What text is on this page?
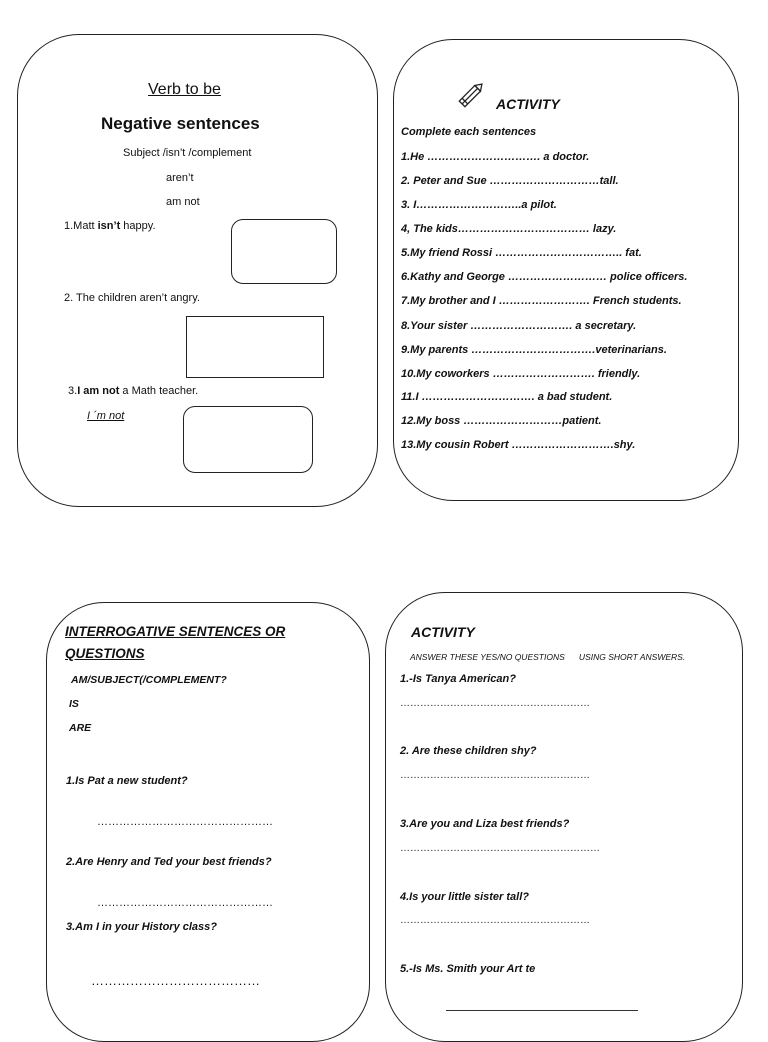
Verb to be
Negative sentences
Subject /isn’t /complement
aren’t
am not
1.Matt isn’t happy.
2. The children aren’t angry.
3.I am not a Math teacher.
I ´m not
ACTIVITY
Complete each sentences
1.He …………………………. a doctor.
2. Peter and Sue …………………………tall.
3. I………………………..a pilot.
4, The kids……………………………… lazy.
5.My friend Rossi …………………………….. fat.
6.Kathy and George ……………………… police officers.
7.My brother and I ……………………. French students.
8.Your sister ………………………. a secretary.
9.My parents …………………………….veterinarians.
10.My coworkers ………………………. friendly.
11.I …………………………. a bad student.
12.My boss ………………………patient.
13.My cousin Robert ……………………….shy.
INTERROGATIVE SENTENCES OR
QUESTIONS
AM/SUBJECT(/COMPLEMENT?
IS
ARE
1.Is Pat a new student?
…………………………………………
2.Are Henry and Ted your best friends?
…………………………………………
3.Am I in your History class?
…………………………………
ACTIVITY
ANSWER THESE YES/NO QUESTIONS      USING SHORT ANSWERS.
1.-Is Tanya American?
…………………………………………………
2. Are these children shy?
…………………………………………………
3.Are you and Liza best friends?
……………………………………………………
4.Is your little sister tall?
…………………………………………………
5.-Is Ms. Smith your Art te
